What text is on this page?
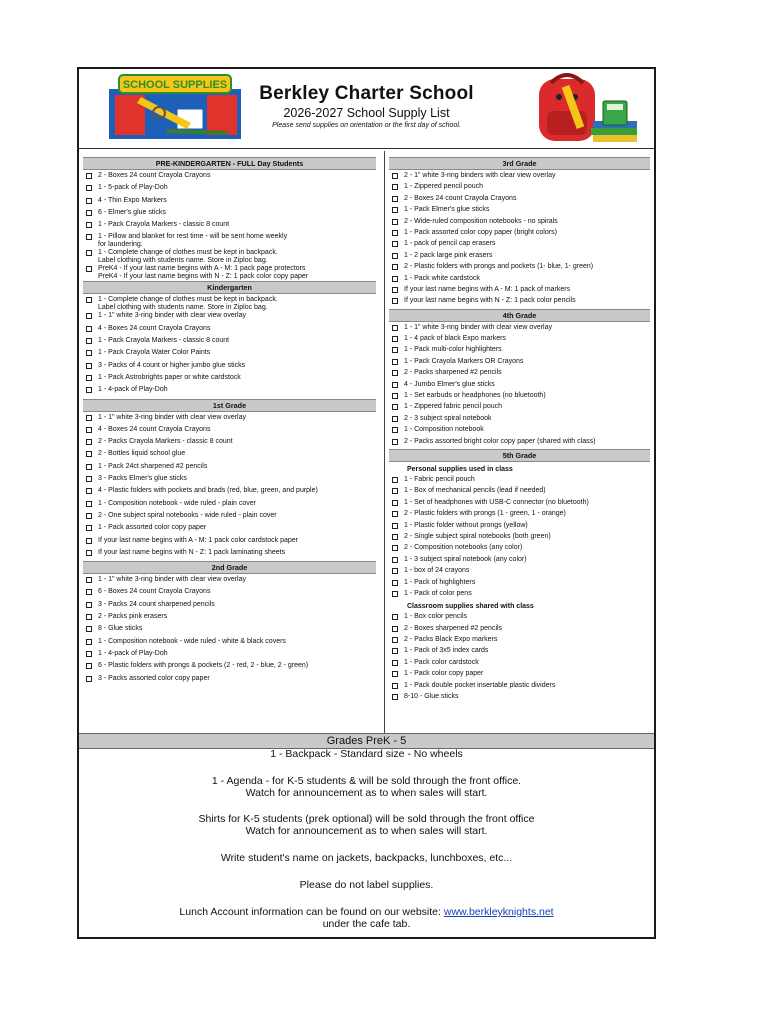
SCHOOL SUPPLIES	Berkley Charter School
2026-2027 School Supply List
Please send supplies on orientation or the first day of school.
PRE-KINDERGARTEN - FULL Day Students
2 - Boxes 24 count Crayola Crayons
1 - 5-pack of Play-Doh
4 - Thin Expo Markers
6 - Elmer's glue sticks
1 - Pack Crayola Markers - classic 8 count
1 - Pillow and blanket for rest time - will be sent home weekly
for laundering.
1 - Complete change of clothes must be kept in backpack.
Label clothing with students name. Store in Ziploc bag.
PreK4 - If your last name begins with A - M: 1 pack page protectors
PreK4 - If your last name begins with N - Z: 1 pack color copy paper
Kindergarten
1 - Complete change of clothes must be kept in backpack.
Label clothing with students name. Store in Ziploc bag.
1 - 1" white 3-ring binder with clear view overlay
4 - Boxes 24 count Crayola Crayons
1 - Pack Crayola Markers - classic 8 count
1 - Pack Crayola Water Color Paints
3 - Packs of 4 count or higher jumbo glue sticks
1 - Pack Astrobrights paper or white cardstock
1 - 4-pack of Play-Doh
1st Grade
1 - 1" white 3-ring binder with clear view overlay
4 - Boxes 24 count Crayola Crayons
2 - Packs Crayola Markers - classic 8 count
2 - Bottles liquid school glue
1 - Pack 24ct sharpened #2 pencils
3 - Packs Elmer's glue sticks
4 - Plastic folders with pockets and brads (red, blue, green, and purple)
1 - Composition notebook - wide ruled - plain cover
2 - One subject spiral notebooks - wide ruled - plain cover
1 - Pack assorted color copy paper
If your last name begins with A - M: 1 pack color cardstock paper
If your last name begins with N - Z: 1 pack laminating sheets
2nd Grade
1 - 1" white 3-ring binder with clear view overlay
6 - Boxes 24 count Crayola Crayons
3 - Packs 24 count sharpened pencils
2 - Packs pink erasers
8 - Glue sticks
1 - Composition notebook - wide ruled - white & black covers
1 - 4-pack of Play-Doh
6 - Plastic folders with prongs & pockets (2 - red, 2 - blue, 2 - green)
3 - Packs assorted color copy paper
3rd Grade
2 - 1" white 3-ring binders with clear view overlay
1 - Zippered pencil pouch
2 - Boxes 24 count Crayola Crayons
1 - Pack Elmer's glue sticks
2 - Wide-ruled composition notebooks - no spirals
1 - Pack assorted color copy paper (bright colors)
1 - pack of pencil cap erasers
1 - 2 pack large pink erasers
2 - Plastic folders with prongs and pockets (1- blue, 1- green)
1 - Pack white cardstock
If your last name begins with A - M: 1 pack of markers
If your last name begins with N - Z: 1 pack color pencils
4th Grade
1 - 1" white 3-ring binder with clear view overlay
1 - 4 pack of black Expo markers
1 - Pack multi-color highlighters
1 - Pack Crayola Markers OR Crayons
2 - Packs sharpened #2 pencils
4 - Jumbo Elmer's glue sticks
1 - Set earbuds or headphones (no bluetooth)
1 - Zippered fabric pencil pouch
2 - 3 subject spiral notebook
1 - Composition notebook
2 - Packs assorted bright color copy paper (shared with class)
5th Grade
Personal supplies used in class
1 - Fabric pencil pouch
1 - Box of mechanical pencils (lead if needed)
1 - Set of headphones with USB-C connector (no bluetooth)
2 - Plastic folders with prongs (1 - green, 1 - orange)
1 - Plastic folder without prongs (yellow)
2 - Single subject spiral notebooks (both green)
2 - Composition notebooks (any color)
1 - 3 subject spiral notebook (any color)
1 - box of 24 crayons
1 - Pack of highlighters
1 - Pack of color pens
Classroom supplies shared with class
1 - Box color pencils
2 - Boxes sharpened #2 pencils
2 - Packs Black Expo markers
1 - Pack of 3x5 index cards
1 - Pack color cardstock
1 - Pack color copy paper
1 - Pack double pocket insertable plastic dividers
8-10 - Glue sticks
Grades PreK - 5
1 - Backpack - Standard size - No wheels
1 - Agenda - for K-5 students & will be sold through the front office.
Watch for announcement as to when sales will start.
Shirts for K-5 students (prek optional) will be sold through the front office
Watch for announcement as to when sales will start.
Write student's name on jackets, backpacks, lunchboxes, etc...
Please do not label supplies.
Lunch Account information can be found on our website: www.berkleyknights.net
under the cafe tab.
